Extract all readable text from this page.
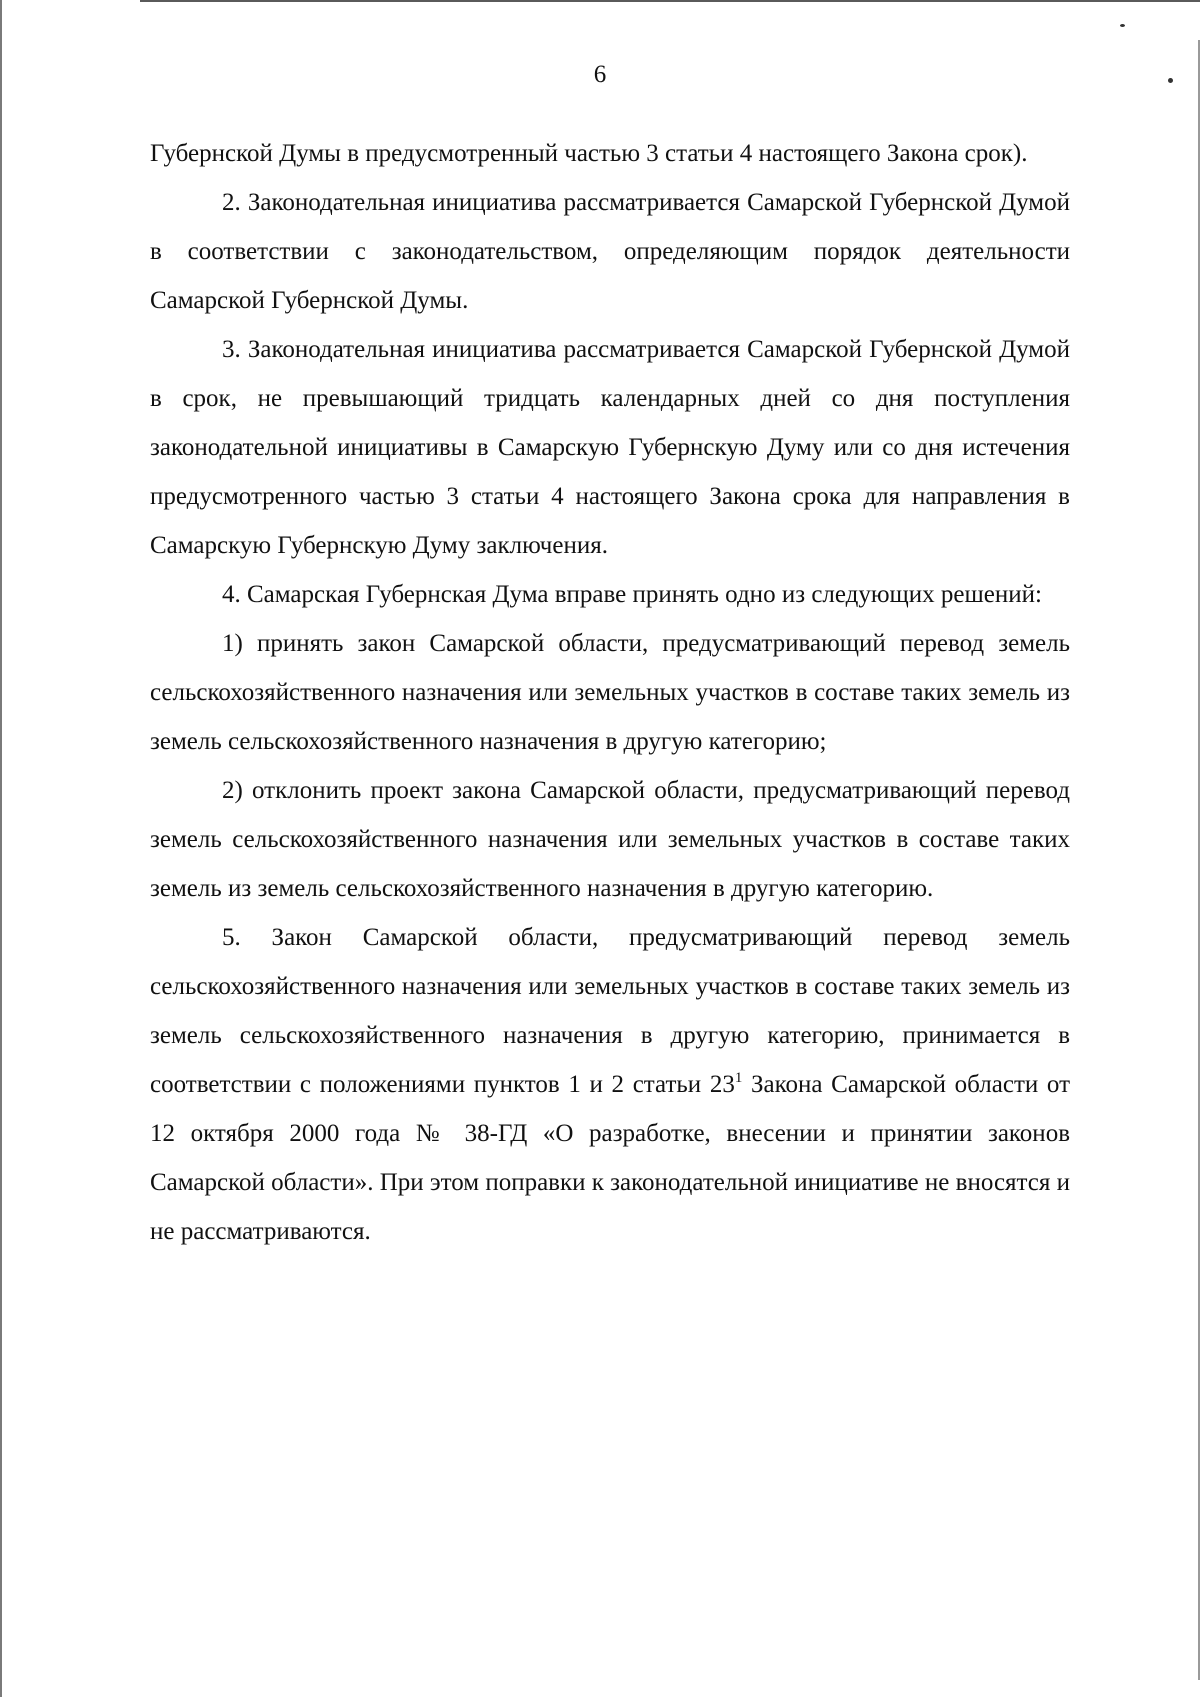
6

Губернской Думы в предусмотренный частью 3 статьи 4 настоящего Закона срок).

2. Законодательная инициатива рассматривается Самарской Губернской Думой в соответствии с законодательством, определяющим порядок деятельности Самарской Губернской Думы.

3. Законодательная инициатива рассматривается Самарской Губернской Думой в срок, не превышающий тридцать календарных дней со дня поступления законодательной инициативы в Самарскую Губернскую Думу или со дня истечения предусмотренного частью 3 статьи 4 настоящего Закона срока для направления в Самарскую Губернскую Думу заключения.

4. Самарская Губернская Дума вправе принять одно из следующих решений:

1) принять закон Самарской области, предусматривающий перевод земель сельскохозяйственного назначения или земельных участков в составе таких земель из земель сельскохозяйственного назначения в другую категорию;

2) отклонить проект закона Самарской области, предусматривающий перевод земель сельскохозяйственного назначения или земельных участков в составе таких земель из земель сельскохозяйственного назначения в другую категорию.

5. Закон Самарской области, предусматривающий перевод земель сельскохозяйственного назначения или земельных участков в составе таких земель из земель сельскохозяйственного назначения в другую категорию, принимается в соответствии с положениями пунктов 1 и 2 статьи $23^1$ Закона Самарской области от 12 октября 2000 года № 38-ГД «О разработке, внесении и принятии законов Самарской области». При этом поправки к законодательной инициативе не вносятся и не рассматриваются.
